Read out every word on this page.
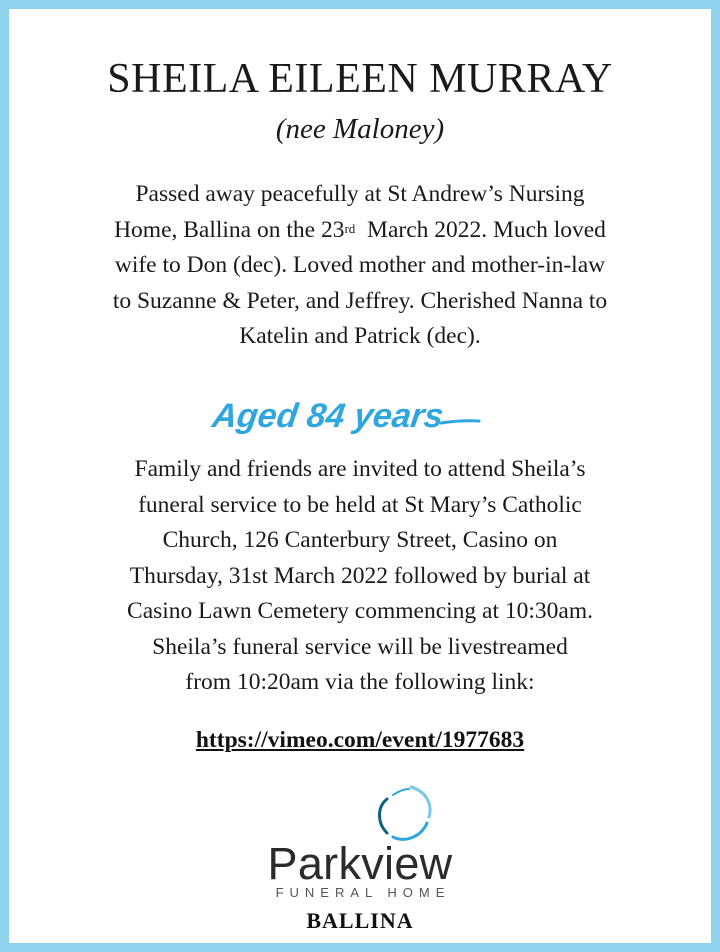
SHEILA EILEEN MURRAY
(nee Maloney)
Passed away peacefully at St Andrew’s Nursing
Home, Ballina on the 23rd  March 2022. Much loved
wife to Don (dec). Loved mother and mother-in-law
to Suzanne & Peter, and Jeffrey. Cherished Nanna to
Katelin and Patrick (dec).
Aged 84 years
Family and friends are invited to attend Sheila’s
funeral service to be held at St Mary’s Catholic
Church, 126 Canterbury Street, Casino on
Thursday, 31st March 2022 followed by burial at
Casino Lawn Cemetery commencing at 10:30am.
Sheila’s funeral service will be livestreamed
from 10:20am via the following link:
https://vimeo.com/event/1977683
Parkview
FUNERAL HOME
BALLINA
